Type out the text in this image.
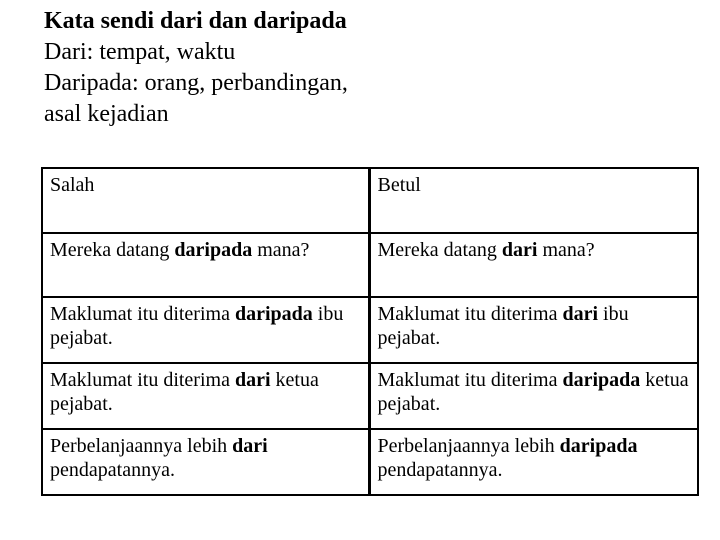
Kata sendi dari dan daripada
Dari: tempat, waktu
Daripada: orang, perbandingan,
asal kejadian
Salah	Betul
Mereka datang daripada mana?	Mereka datang dari mana?
Maklumat itu diterima daripada ibu pejabat.	Maklumat itu diterima dari ibu pejabat.
Maklumat itu diterima dari ketua pejabat.	Maklumat itu diterima daripada ketua pejabat.
Perbelanjaannya lebih dari pendapatannya.	Perbelanjaannya lebih daripada pendapatannya.
